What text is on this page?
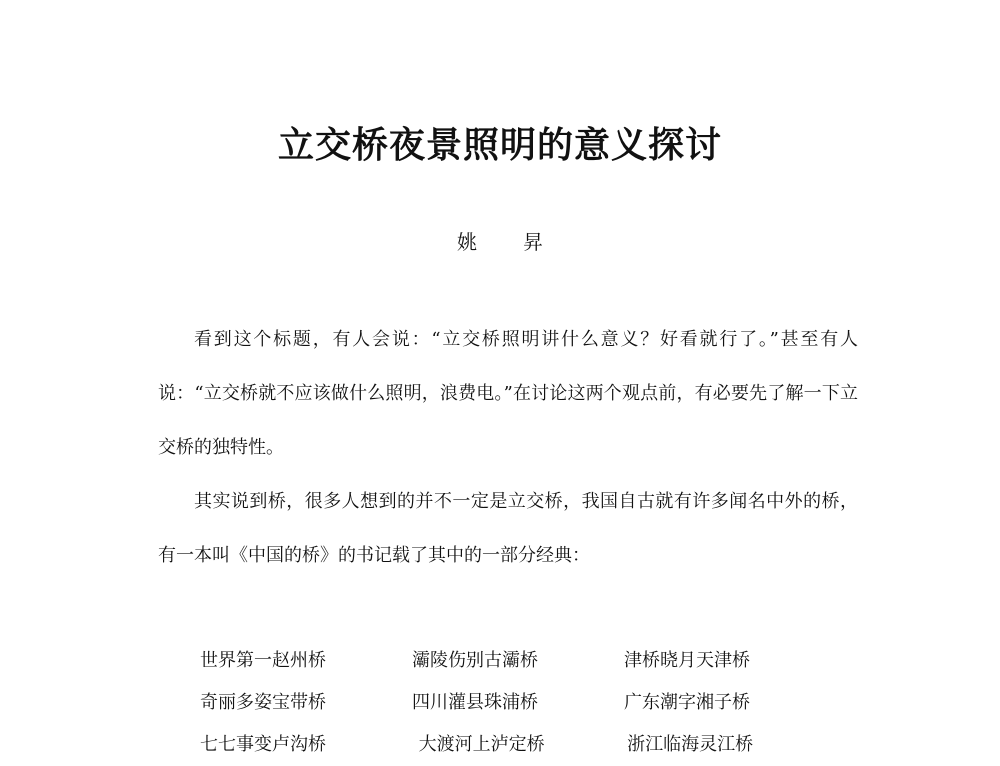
立交桥夜景照明的意义探讨
姚 昇

看到这个标题，有人会说：“立交桥照明讲什么意义？好看就行了。”甚至有人说：“立交桥就不应该做什么照明，浪费电。”在讨论这两个观点前，有必要先了解一下立交桥的独特性。

其实说到桥，很多人想到的并不一定是立交桥，我国自古就有许多闻名中外的桥，有一本叫《中国的桥》的书记载了其中的一部分经典：

世界第一赵州桥	灞陵伤别古灞桥	津桥晓月天津桥
奇丽多姿宝带桥	四川灌县珠浦桥	广东潮字湘子桥
七七事变卢沟桥	大渡河上泸定桥	浙江临海灵江桥
